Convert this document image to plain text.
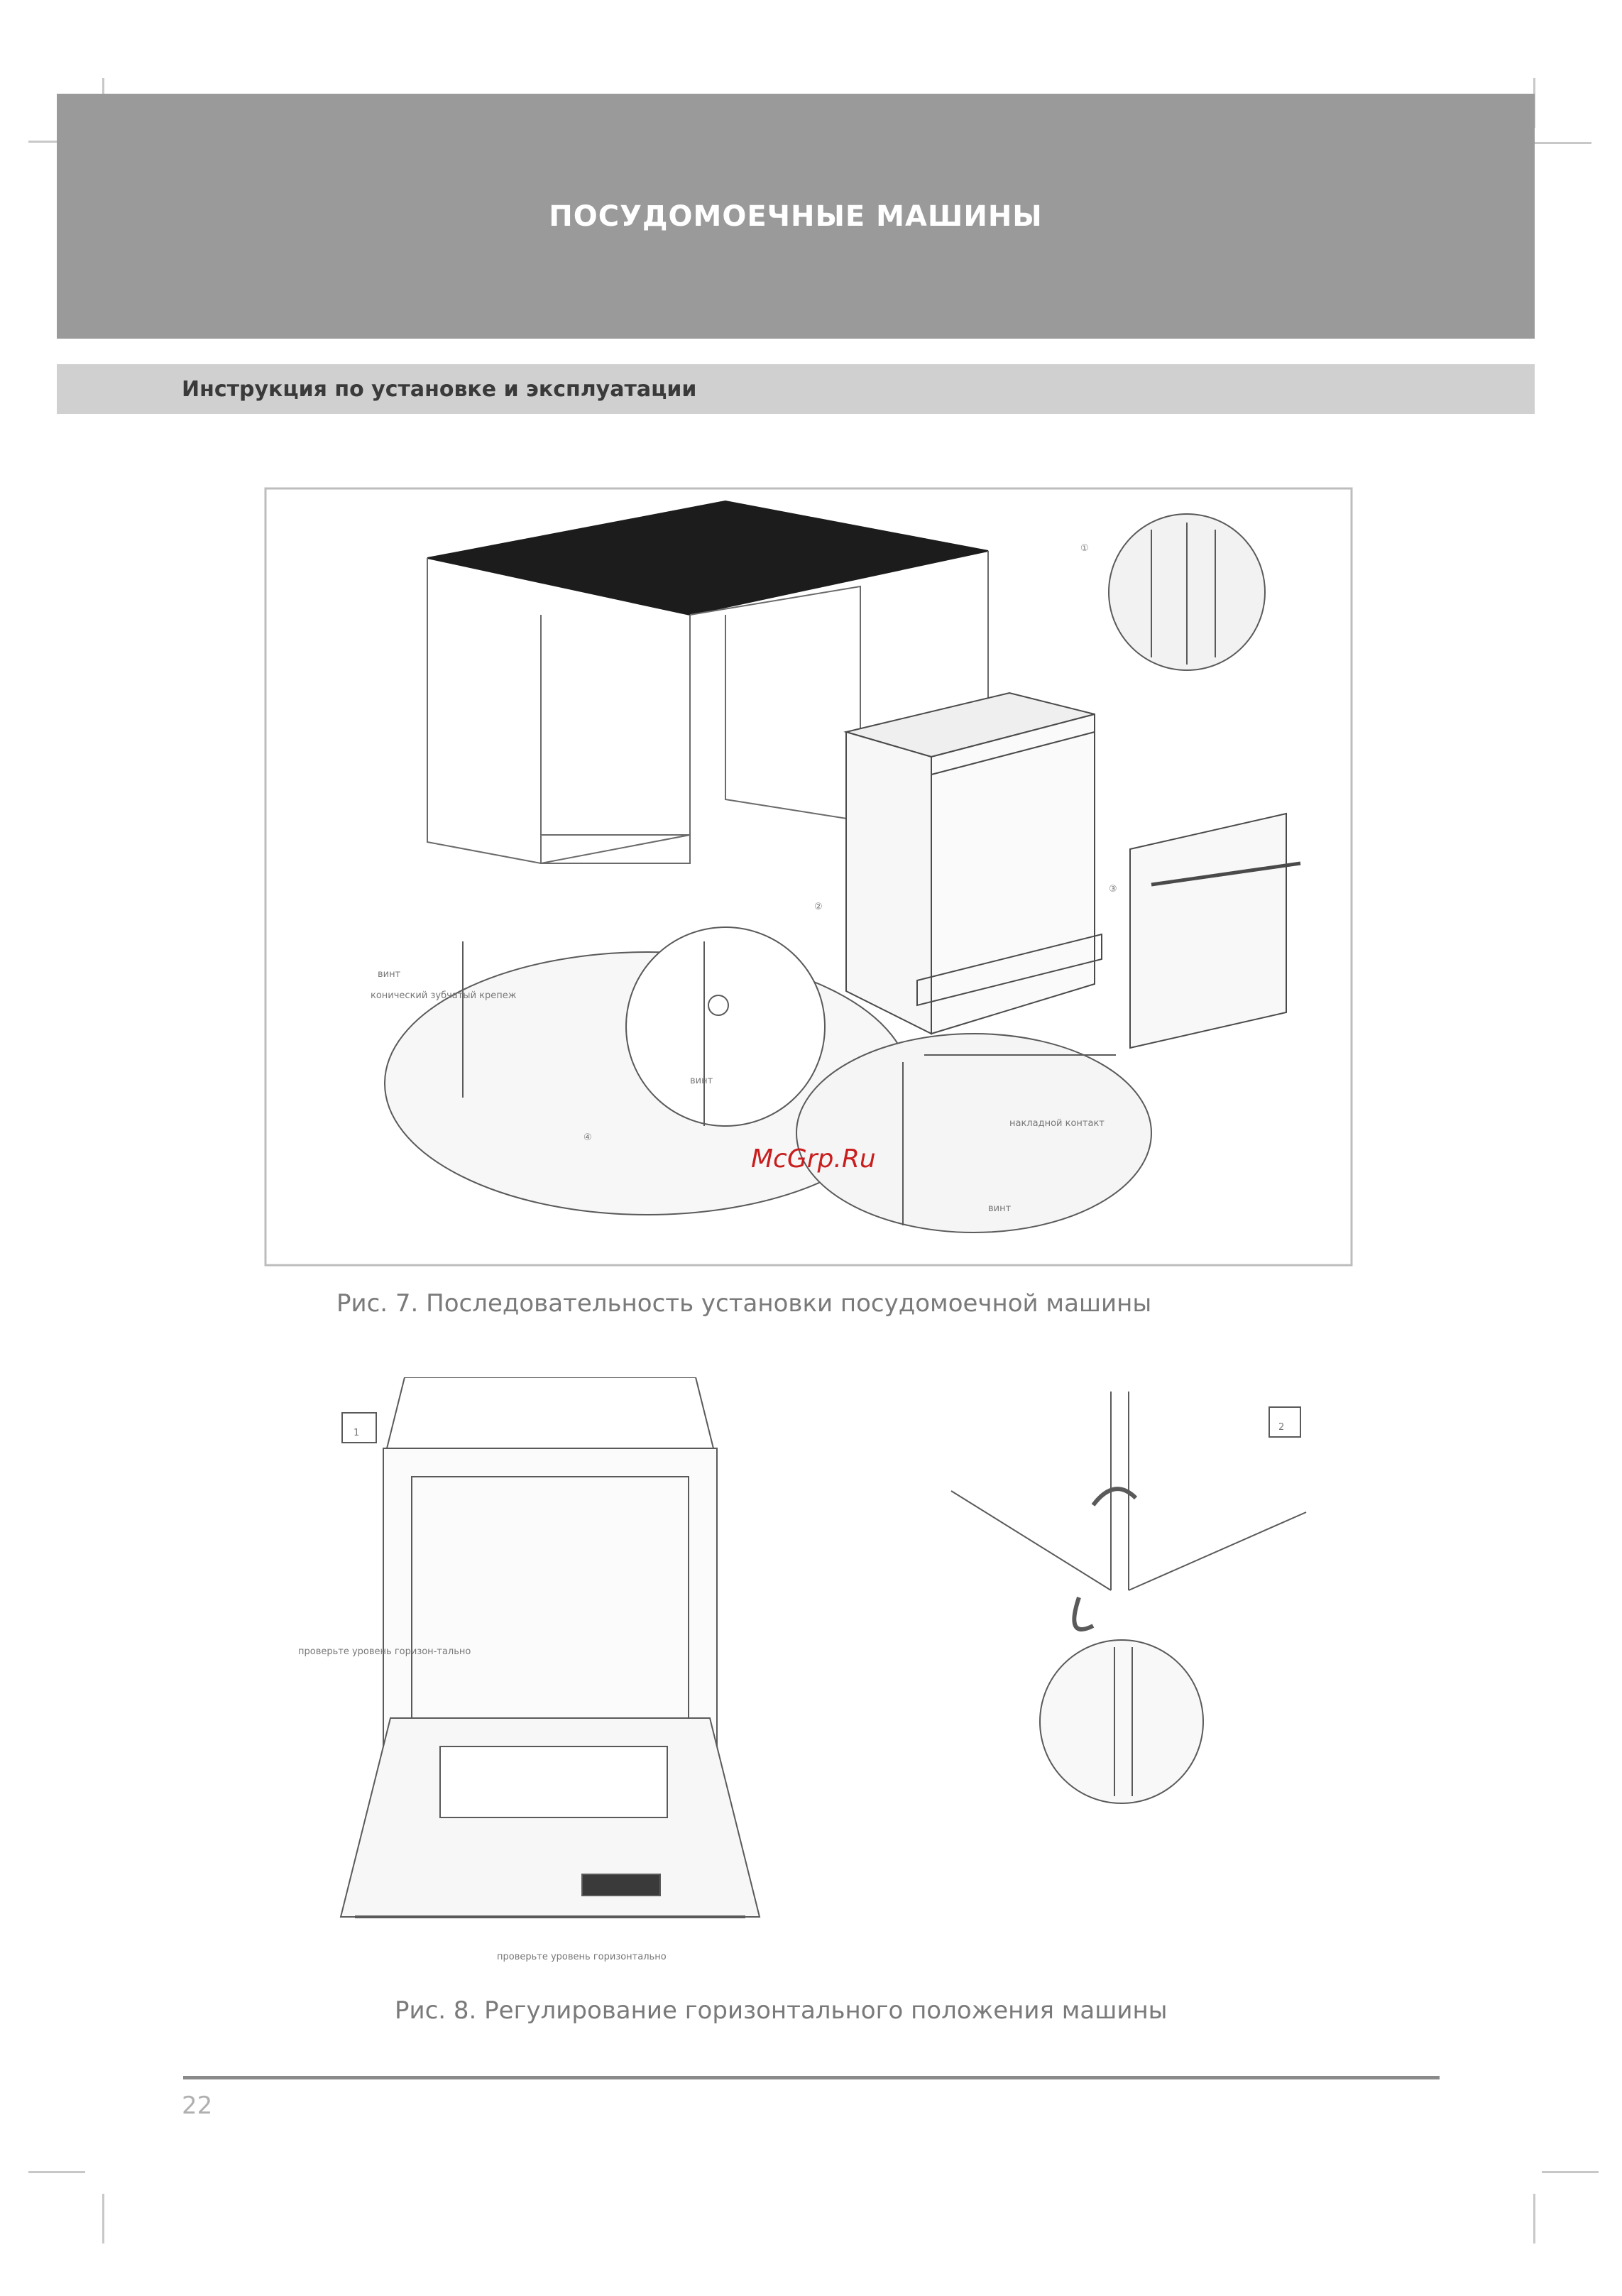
ПОСУДОМОЕЧНЫЕ МАШИНЫ
Инструкция по установке и эксплуатации
①
②
③
④
винт
конический зубчатый крепеж
винт
накладной контакт
винт
Рис. 7. Последовательность установки посудомоечной машины
McGrp.Ru
1
проверьте уровень горизон-тально
проверьте уровень горизонтально
2
Рис. 8. Регулирование горизонтального положения машины
22
